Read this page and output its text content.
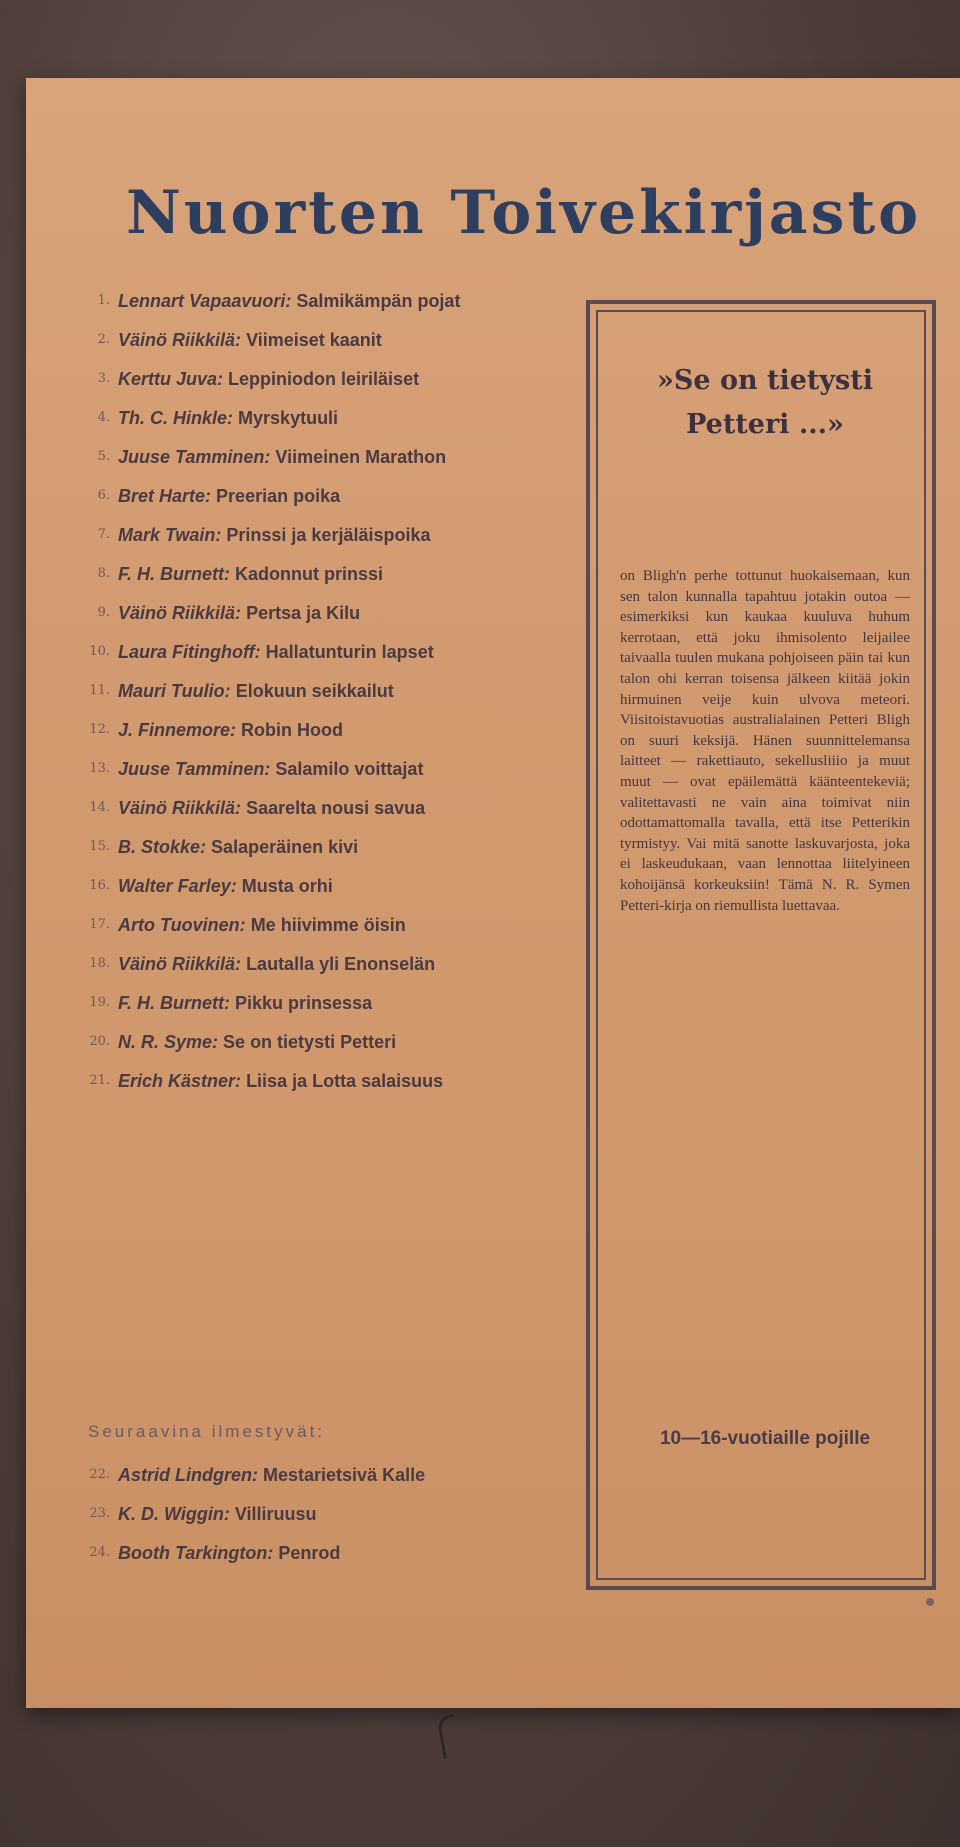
Nuorten Toivekirjasto
1. Lennart Vapaavuori: Salmikämpän pojat
2. Väinö Riikkilä: Viimeiset kaanit
3. Kerttu Juva: Leppiniodon leiriläiset
4. Th. C. Hinkle: Myrskytuuli
5. Juuse Tamminen: Viimeinen Marathon
6. Bret Harte: Preerian poika
7. Mark Twain: Prinssi ja kerjäläispoika
8. F. H. Burnett: Kadonnut prinssi
9. Väinö Riikkilä: Pertsa ja Kilu
10. Laura Fitinghoff: Hallatunturin lapset
11. Mauri Tuulio: Elokuun seikkailut
12. J. Finnemore: Robin Hood
13. Juuse Tamminen: Salamilo voittajat
14. Väinö Riikkilä: Saarelta nousi savua
15. B. Stokke: Salaperäinen kivi
16. Walter Farley: Musta orhi
17. Arto Tuovinen: Me hiivimme öisin
18. Väinö Riikkilä: Lautalla yli Enonselän
19. F. H. Burnett: Pikku prinsessa
20. N. R. Syme: Se on tietysti Petteri
21. Erich Kästner: Liisa ja Lotta salaisuus
Seuraavina ilmestyvät:
22. Astrid Lindgren: Mestarietsivä Kalle
23. K. D. Wiggin: Villiruusu
24. Booth Tarkington: Penrod

»Se on tietysti Petteri ...»

on Bligh'n perhe tottunut huokaisemaan, kun sen talon kunnalla tapahtuu jotakin outoa — esimerkiksi kun kaukaa kuuluva huhum kerrotaan, että joku ihmisolento leijailee taivaalla tuulen mukana pohjoiseen päin tai kun talon ohi kerran toisensa jälkeen kiitää jokin hirmuinen veije kuin ulvova meteori. Viisitoistavuotias australialainen Petteri Bligh on suuri keksijä. Hänen suunnittelemansa laitteet — rakettiauto, sekellusliiio ja muut muut — ovat epäilemättä käänteentekeviä; valitettavasti ne vain aina toimivat niin odottamattomalla tavalla, että itse Petterikin tyrmistyy. Vai mitä sanotte laskuvarjosta, joka ei laskeudukaan, vaan lennottaa liitelyineen kohoijänsä korkeuksiin! Tämä N. R. Symen Petteri-kirja on riemullista luettavaa.

10—16-vuotiaille pojille
